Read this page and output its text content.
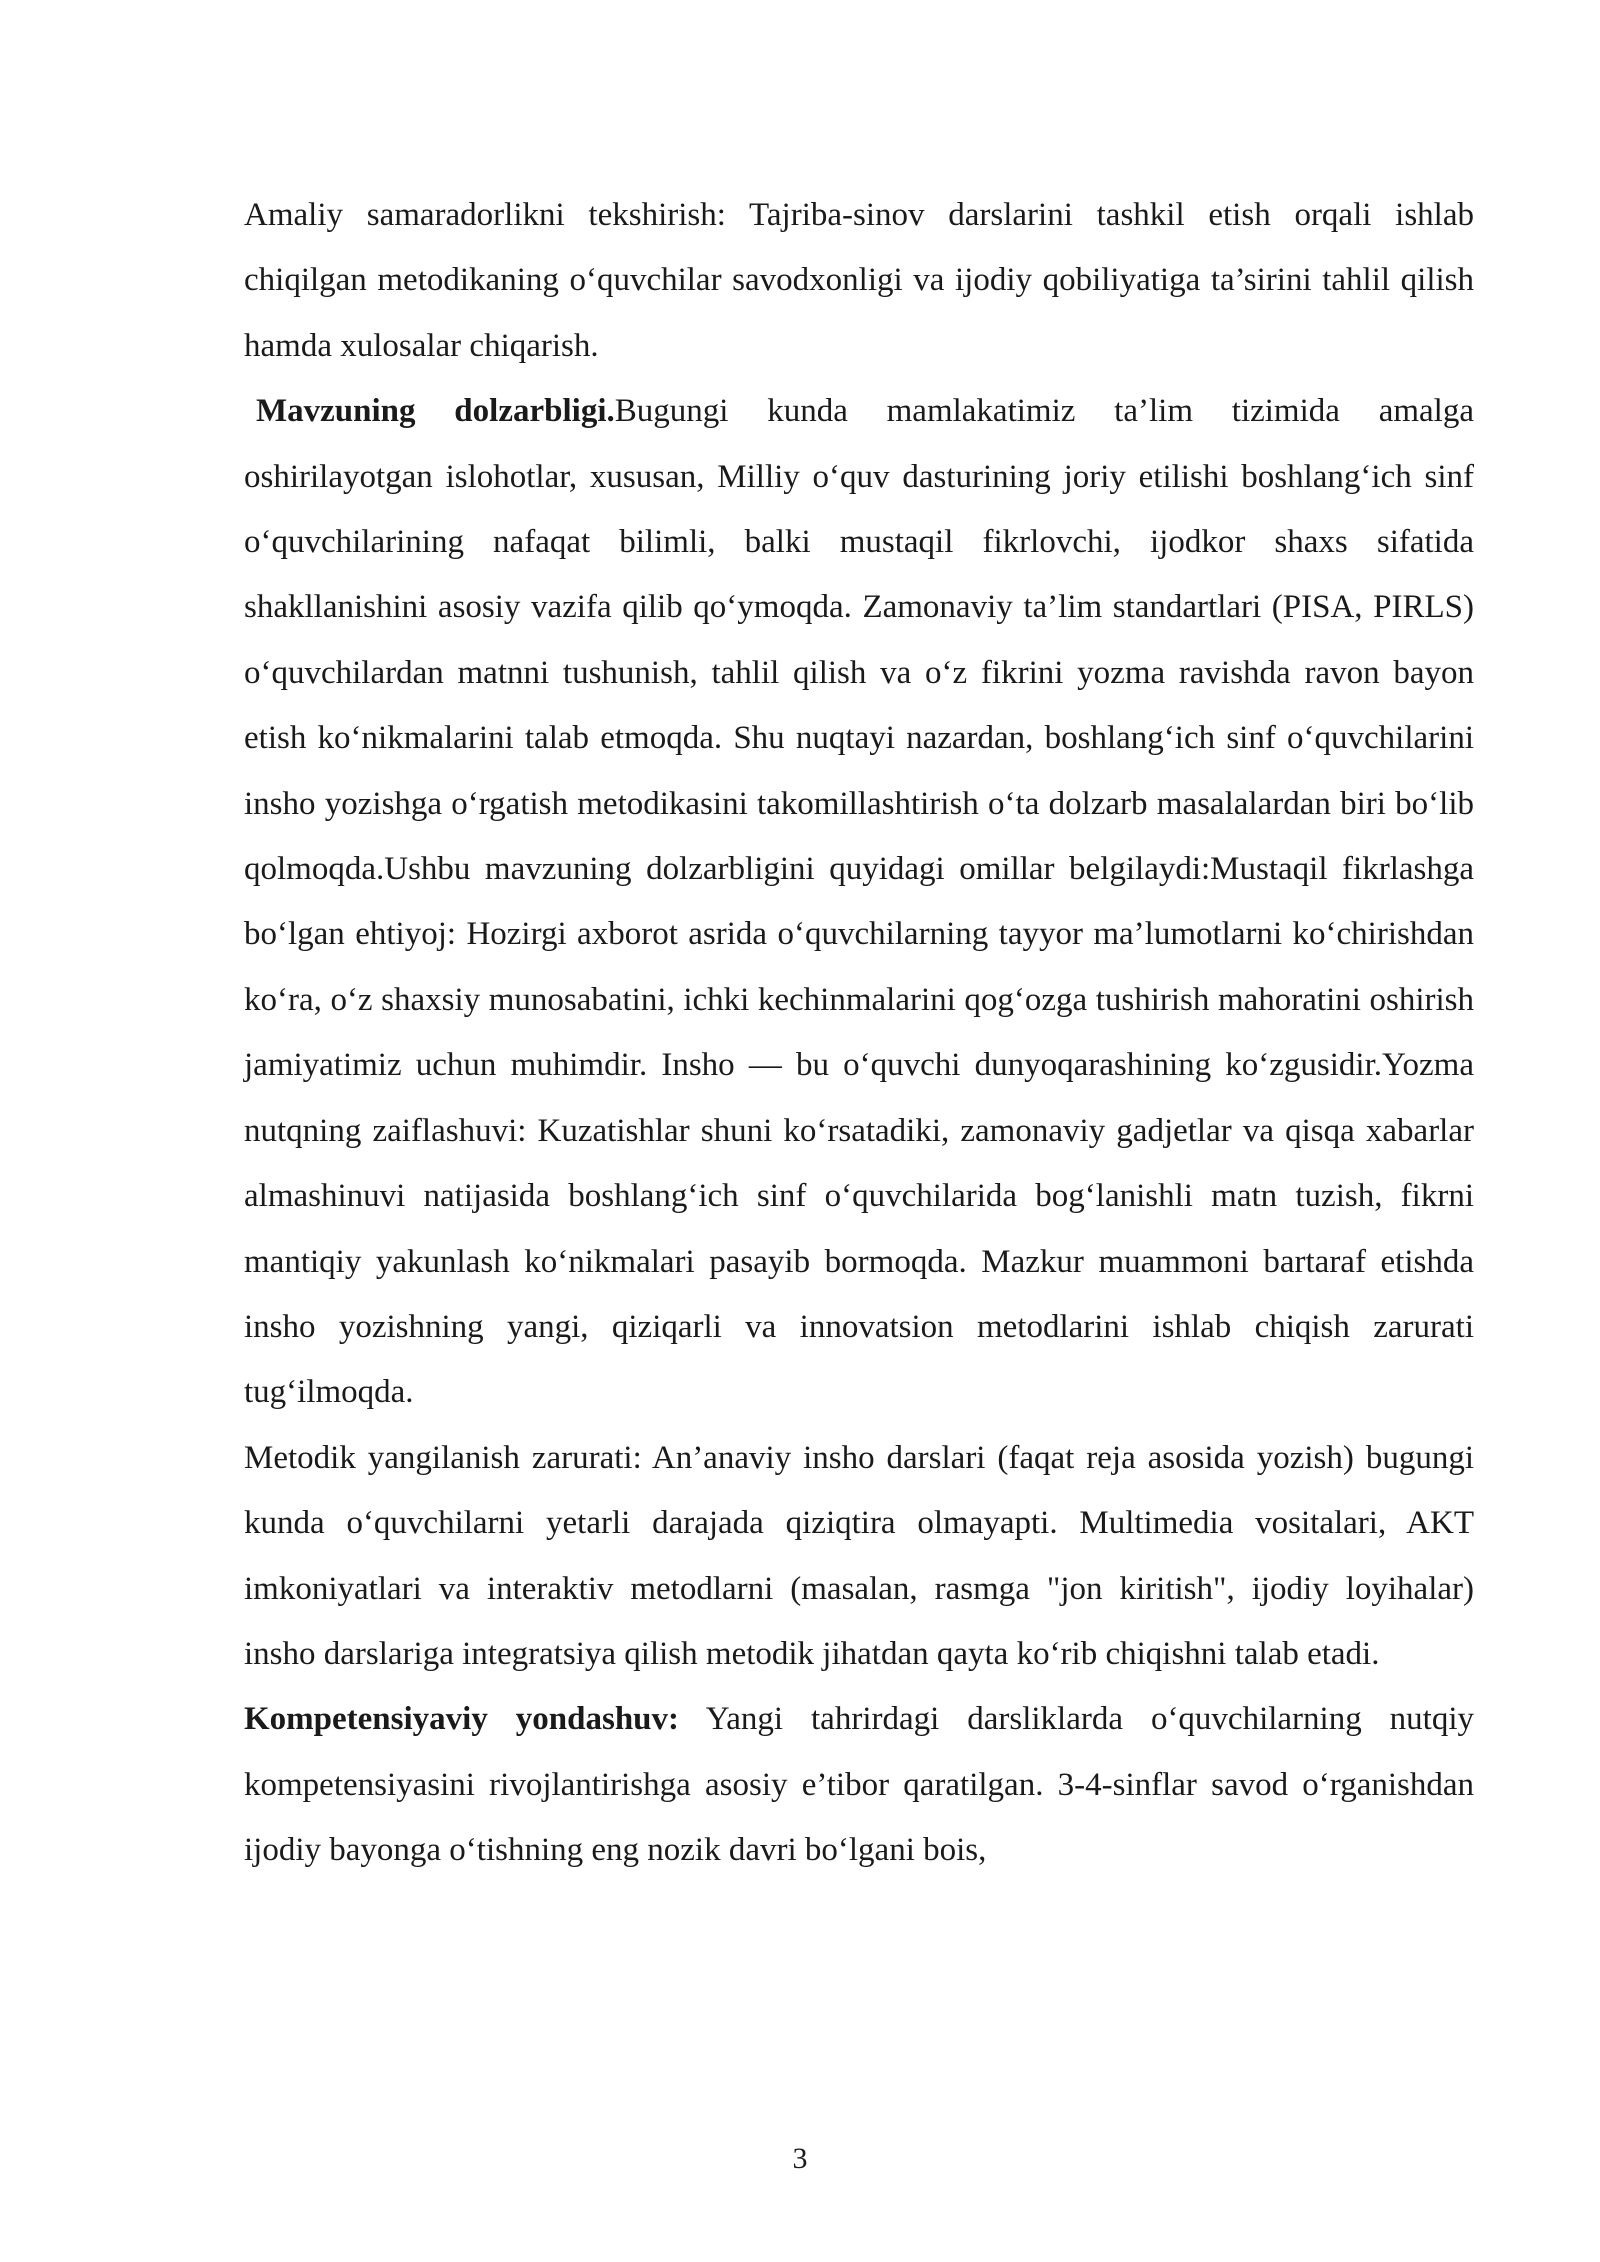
Amaliy samaradorlikni tekshirish: Tajriba-sinov darslarini tashkil etish orqali ishlab chiqilgan metodikaning o‘quvchilar savodxonligi va ijodiy qobiliyatiga ta’sirini tahlil qilish hamda xulosalar chiqarish.

Mavzuning dolzarbligi.Bugungi kunda mamlakatimiz ta’lim tizimida amalga oshirilayotgan islohotlar, xususan, Milliy o‘quv dasturining joriy etilishi boshlang‘ich sinf o‘quvchilarining nafaqat bilimli, balki mustaqil fikrlovchi, ijodkor shaxs sifatida shakllanishini asosiy vazifa qilib qo‘ymoqda. Zamonaviy ta’lim standartlari (PISA, PIRLS) o‘quvchilardan matnni tushunish, tahlil qilish va o‘z fikrini yozma ravishda ravon bayon etish ko‘nikmalarini talab etmoqda. Shu nuqtayi nazardan, boshlang‘ich sinf o‘quvchilarini insho yozishga o‘rgatish metodikasini takomillashtirish o‘ta dolzarb masalalardan biri bo‘lib qolmoqda.Ushbu mavzuning dolzarbligini quyidagi omillar belgilaydi:Mustaqil fikrlashga bo‘lgan ehtiyoj: Hozirgi axborot asrida o‘quvchilarning tayyor ma’lumotlarni ko‘chirishdan ko‘ra, o‘z shaxsiy munosabatini, ichki kechinmalarini qog‘ozga tushirish mahoratini oshirish jamiyatimiz uchun muhimdir. Insho — bu o‘quvchi dunyoqarashining ko‘zgusidir.Yozma nutqning zaiflashuvi: Kuzatishlar shuni ko‘rsatadiki, zamonaviy gadjetlar va qisqa xabarlar almashinuvi natijasida boshlang‘ich sinf o‘quvchilarida bog‘lanishli matn tuzish, fikrni mantiqiy yakunlash ko‘nikmalari pasayib bormoqda. Mazkur muammoni bartaraf etishda insho yozishning yangi, qiziqarli va innovatsion metodlarini ishlab chiqish zarurati tug‘ilmoqda.

Metodik yangilanish zarurati: An’anaviy insho darslari (faqat reja asosida yozish) bugungi kunda o‘quvchilarni yetarli darajada qiziqtira olmayapti. Multimedia vositalari, AKT imkoniyatlari va interaktiv metodlarni (masalan, rasmga "jon kiritish", ijodiy loyihalar) insho darslariga integratsiya qilish metodik jihatdan qayta ko‘rib chiqishni talab etadi.

Kompetensiyaviy yondashuv: Yangi tahrirdagi darsliklarda o‘quvchilarning nutqiy kompetensiyasini rivojlantirishga asosiy e’tibor qaratilgan. 3-4-sinflar savod o‘rganishdan ijodiy bayonga o‘tishning eng nozik davri bo‘lgani bois,

3
